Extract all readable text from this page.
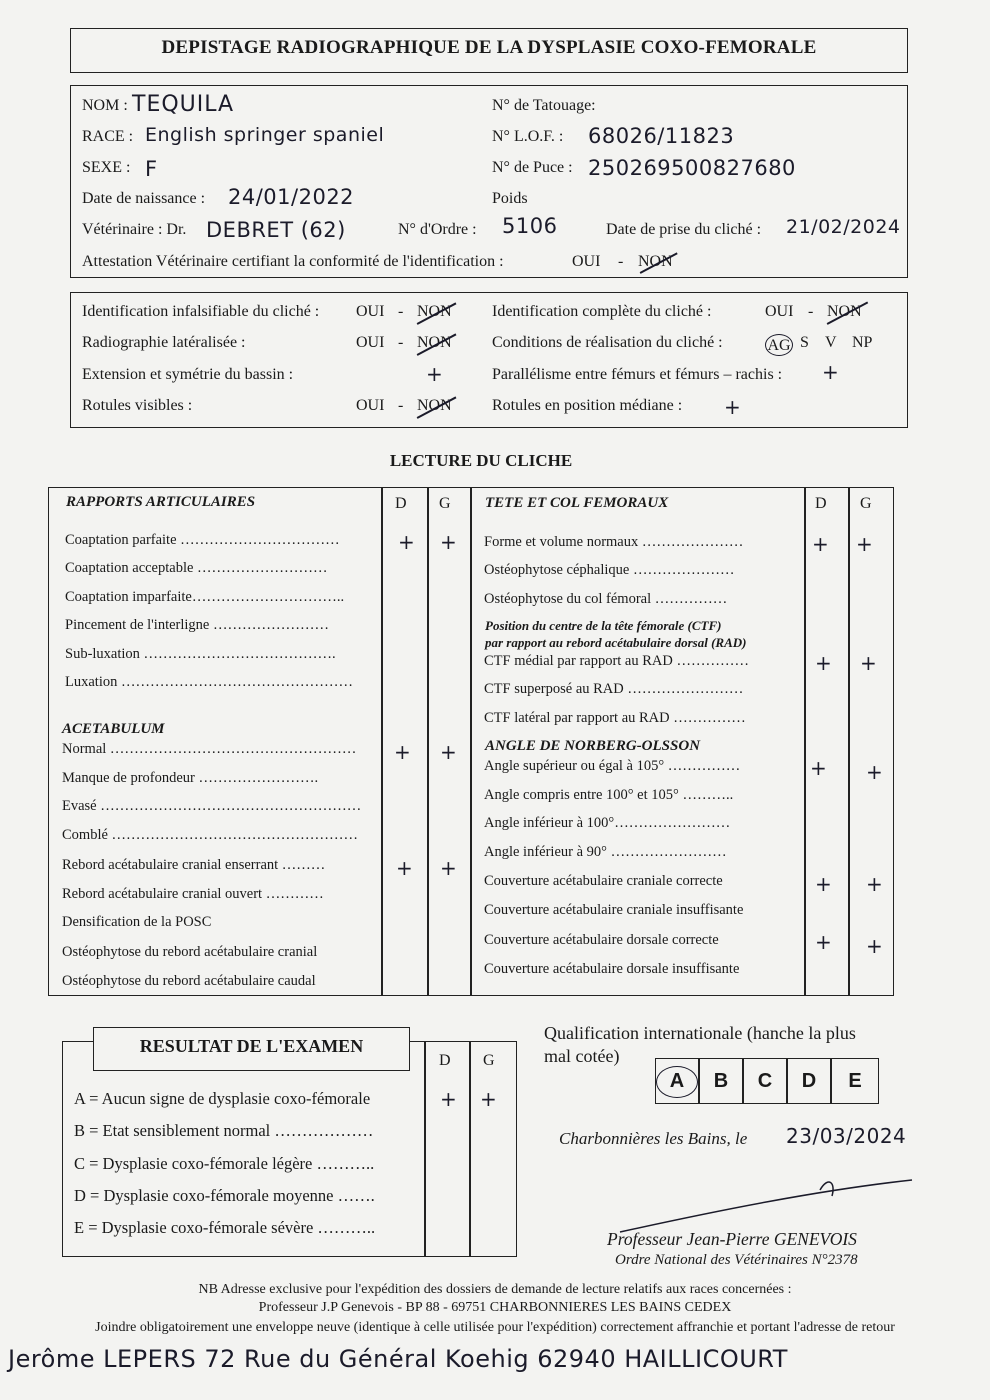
DEPISTAGE RADIOGRAPHIQUE DE LA DYSPLASIE COXO-FEMORALE
NOM : TEQUILA
RACE : English springer spaniel
SEXE : F
Date de naissance : 24/01/2022
Vétérinaire : Dr. DEBRET (62)	N° d'Ordre : 5106	Date de prise du cliché : 21/02/2024
Attestation Vétérinaire certifiant la conformité de l'identification :	OUI - NON
N° de Tatouage:
N° L.O.F. : 68026/11823
N° de Puce : 250269500827680
Poids
Identification infalsifiable du cliché : OUI - NON
Radiographie latéralisée :	OUI - NON
Extension et symétrie du bassin :	+
Rotules visibles :	OUI - NON
Identification complète du cliché :	OUI - NON
Conditions de réalisation du cliché :	AG S V NP
Parallélisme entre fémurs et fémurs – rachis : +
Rotules en position médiane : +
LECTURE DU CLICHE
RAPPORTS ARTICULAIRES	D G
Coaptation parfaite ……………………………	+ +
Coaptation acceptable ………………………
Coaptation imparfaite…………………………..
Pincement de l'interligne ……………………
Sub-luxation ………………………………….
Luxation …………………………………………
ACETABULUM
Normal …………………………………………… + +
Manque de profondeur …………………….
Evasé ………………………………………………
Comblé ……………………………………………
Rebord acétabulaire cranial enserrant ………	+ +
Rebord acétabulaire cranial ouvert …………
Densification de la POSC
Ostéophytose du rebord acétabulaire cranial
Ostéophytose du rebord acétabulaire caudal
TETE ET COL FEMORAUX	D G
Forme et volume normaux …………………	+ +
Ostéophytose céphalique …………………
Ostéophytose du col fémoral ……………
Position du centre de la tête fémorale (CTF)
par rapport au rebord acétabulaire dorsal (RAD)
CTF médial par rapport au RAD ……………	+ +
CTF superposé au RAD ……………………
CTF latéral par rapport au RAD ……………
ANGLE DE NORBERG-OLSSON
Angle supérieur ou égal à 105° ……………	+ +
Angle compris entre 100° et 105° ………..
Angle inférieur à 100°……………………
Angle inférieur à 90° ……………………
Couverture acétabulaire craniale correcte	+ +
Couverture acétabulaire craniale insuffisante
Couverture acétabulaire dorsale correcte	+ +
Couverture acétabulaire dorsale insuffisante
RESULTAT DE L'EXAMEN
D G
A = Aucun signe de dysplasie coxo-fémorale	+ +
B = Etat sensiblement normal ………………
C = Dysplasie coxo-fémorale légère ………..
D = Dysplasie coxo-fémorale moyenne …….
E = Dysplasie coxo-fémorale sévère ………..
Qualification internationale (hanche la plus
mal cotée)
A	B	C	D	E
Charbonnières les Bains, le 23/03/2024
Professeur Jean-Pierre GENEVOIS
Ordre National des Vétérinaires N°2378
NB Adresse exclusive pour l'expédition des dossiers de demande de lecture relatifs aux races concernées :
Professeur J.P Genevois - BP 88 - 69751 CHARBONNIERES LES BAINS CEDEX
Joindre obligatoirement une enveloppe neuve (identique à celle utilisée pour l'expédition) correctement affranchie et portant l'adresse de retour
Jerôme LEPERS 72 Rue du Général Koehig 62940 HAILLICOURT
